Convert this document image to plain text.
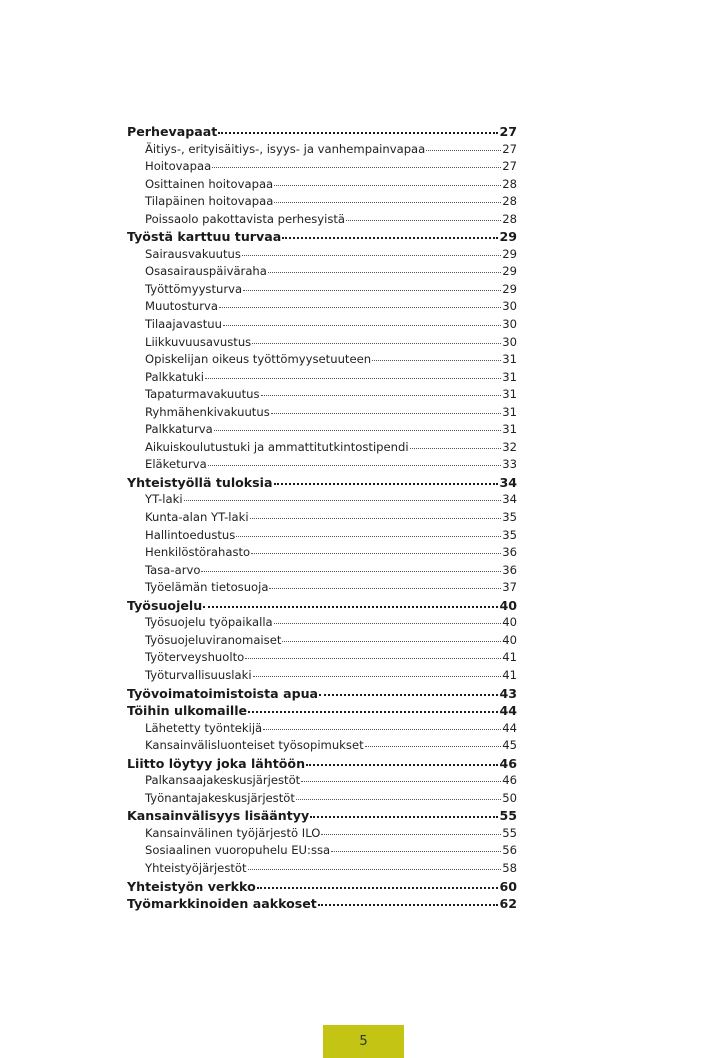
Perhevapaat	27
Äitiys-, erityisäitiys-, isyys- ja vanhempainvapaa	27
Hoitovapaa	27
Osittainen hoitovapaa	28
Tilapäinen hoitovapaa	28
Poissaolo pakottavista perhesyistä	28
Työstä karttuu turvaa	29
Sairausvakuutus	29
Osasairauspäiväraha	29
Työttömyysturva	29
Muutosturva	30
Tilaajavastuu	30
Liikkuvuusavustus	30
Opiskelijan oikeus työttömyysetuuteen	31
Palkkatuki	31
Tapaturmavakuutus	31
Ryhmähenkivakuutus	31
Palkkaturva	31
Aikuiskoulutustuki ja ammattitutkintostipendi	32
Eläketurva	33
Yhteistyöllä tuloksia	34
YT-laki	34
Kunta-alan YT-laki	35
Hallintoedustus	35
Henkilöstörahasto	36
Tasa-arvo	36
Työelämän tietosuoja	37
Työsuojelu	40
Työsuojelu työpaikalla	40
Työsuojeluviranomaiset	40
Työterveyshuolto	41
Työturvallisuuslaki	41
Työvoimatoimistoista apua	43
Töihin ulkomaille	44
Lähetetty työntekijä	44
Kansainvälisluonteiset työsopimukset	45
Liitto löytyy joka lähtöön	46
Palkansaajakeskusjärjestöt	46
Työnantajakeskusjärjestöt	50
Kansainvälisyys lisääntyy	55
Kansainvälinen työjärjestö ILO	55
Sosiaalinen vuoropuhelu EU:ssa	56
Yhteistyöjärjestöt	58
Yhteistyön verkko	60
Työmarkkinoiden aakkoset	62
5
